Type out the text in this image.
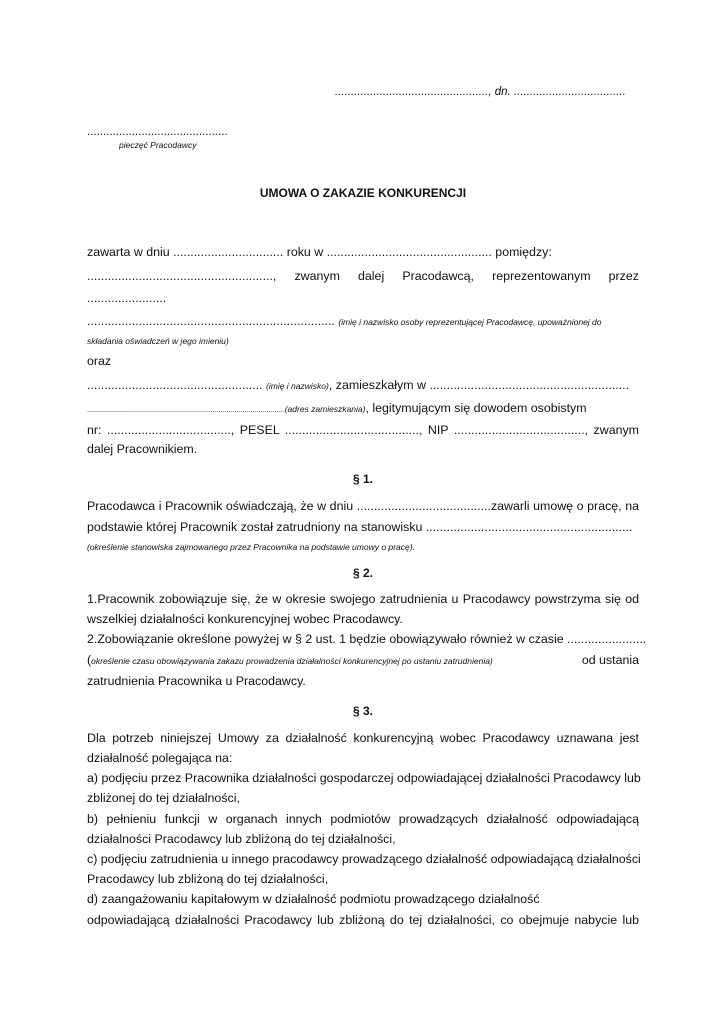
................................................, dn. ...................................
............................................
pieczęć Pracodawcy
UMOWA O ZAKAZIE KONKURENCJI
zawarta w dniu ................................ roku w ................................................ pomiędzy:
......................................................, zwanym dalej Pracodawcą, reprezentowanym przez
.......................
........................................................................ (imię i nazwisko osoby reprezentującej Pracodawcę, upoważnionej do
składania oświadczeń w jego imieniu)
oraz
................................................... (imię i nazwisko), zamieszkałym w ..........................................................
...................................................................................................(adres zamieszkania), legitymującym się dowodem osobistym
nr: ...................................., PESEL ......................................., NIP ......................................, zwanym
dalej Pracownikiem.
§ 1.
Pracodawca i Pracownik oświadczają, że w dniu .......................................zawarli umowę o pracę, na
podstawie której Pracownik został zatrudniony na stanowisku ............................................................
(określenie stanowiska zajmowanego przez Pracownika na podstawie umowy o pracę).
§ 2.
1.Pracownik zobowiązuje się, że w okresie swojego zatrudnienia u Pracodawcy powstrzyma się od
wszelkiej działalności konkurencyjnej wobec Pracodawcy.
2.Zobowiązanie określone powyżej w § 2 ust. 1 będzie obowiązywało również w czasie .......................
(określenie czasu obowiązywania zakazu prowadzenia działalności konkurencyjnej po ustaniu zatrudnienia)	od ustania
zatrudnienia Pracownika u Pracodawcy.
§ 3.
Dla potrzeb niniejszej Umowy za działalność konkurencyjną wobec Pracodawcy uznawana jest
działalność polegająca na:
a) podjęciu przez Pracownika działalności gospodarczej odpowiadającej działalności Pracodawcy lub
zbliżonej do tej działalności,
b) pełnieniu funkcji w organach innych podmiotów prowadzących działalność odpowiadającą
działalności Pracodawcy lub zbliżoną do tej działalności,
c) podjęciu zatrudnienia u innego pracodawcy prowadzącego działalność odpowiadającą działalności
Pracodawcy lub zbliżoną do tej działalności,
d) zaangażowaniu kapitałowym w działalność podmiotu prowadzącego działalność
odpowiadającą działalności Pracodawcy lub zbliżoną do tej działalności, co obejmuje nabycie lub
